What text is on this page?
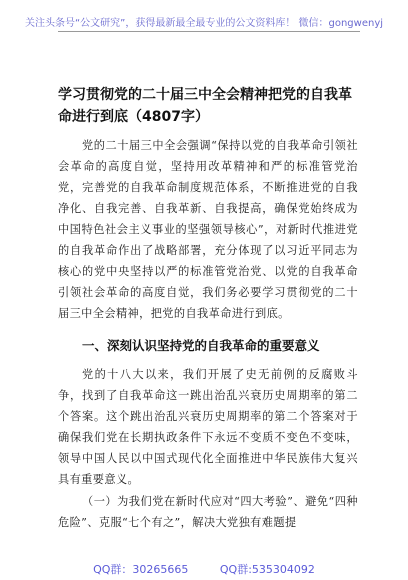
关注头条号“公文研究”，获得最新最全最专业的公文资料库！ 微信：gongwenyj
学习贯彻党的二十届三中全会精神把党的自我革命进行到底（4807字）
党的二十届三中全会强调“保持以党的自我革命引领社会革命的高度自觉，坚持用改革精神和严的标准管党治党，完善党的自我革命制度规范体系，不断推进党的自我净化、自我完善、自我革新、自我提高，确保党始终成为中国特色社会主义事业的坚强领导核心”，对新时代推进党的自我革命作出了战略部署，充分体现了以习近平同志为核心的党中央坚持以严的标准管党治党、以党的自我革命引领社会革命的高度自觉，我们务必要学习贯彻党的二十届三中全会精神，把党的自我革命进行到底。
一、深刻认识坚持党的自我革命的重要意义
党的十八大以来，我们开展了史无前例的反腐败斗争，找到了自我革命这一跳出治乱兴衰历史周期率的第二个答案。这个跳出治乱兴衰历史周期率的第二个答案对于确保我们党在长期执政条件下永远不变质不变色不变味，领导中国人民以中国式现代化全面推进中华民族伟大复兴具有重要意义。
（一）为我们党在新时代应对“四大考验”、避免“四种危险”、克服“七个有之”，解决大党独有难题提
QQ群：30265665	QQ群:535304092
